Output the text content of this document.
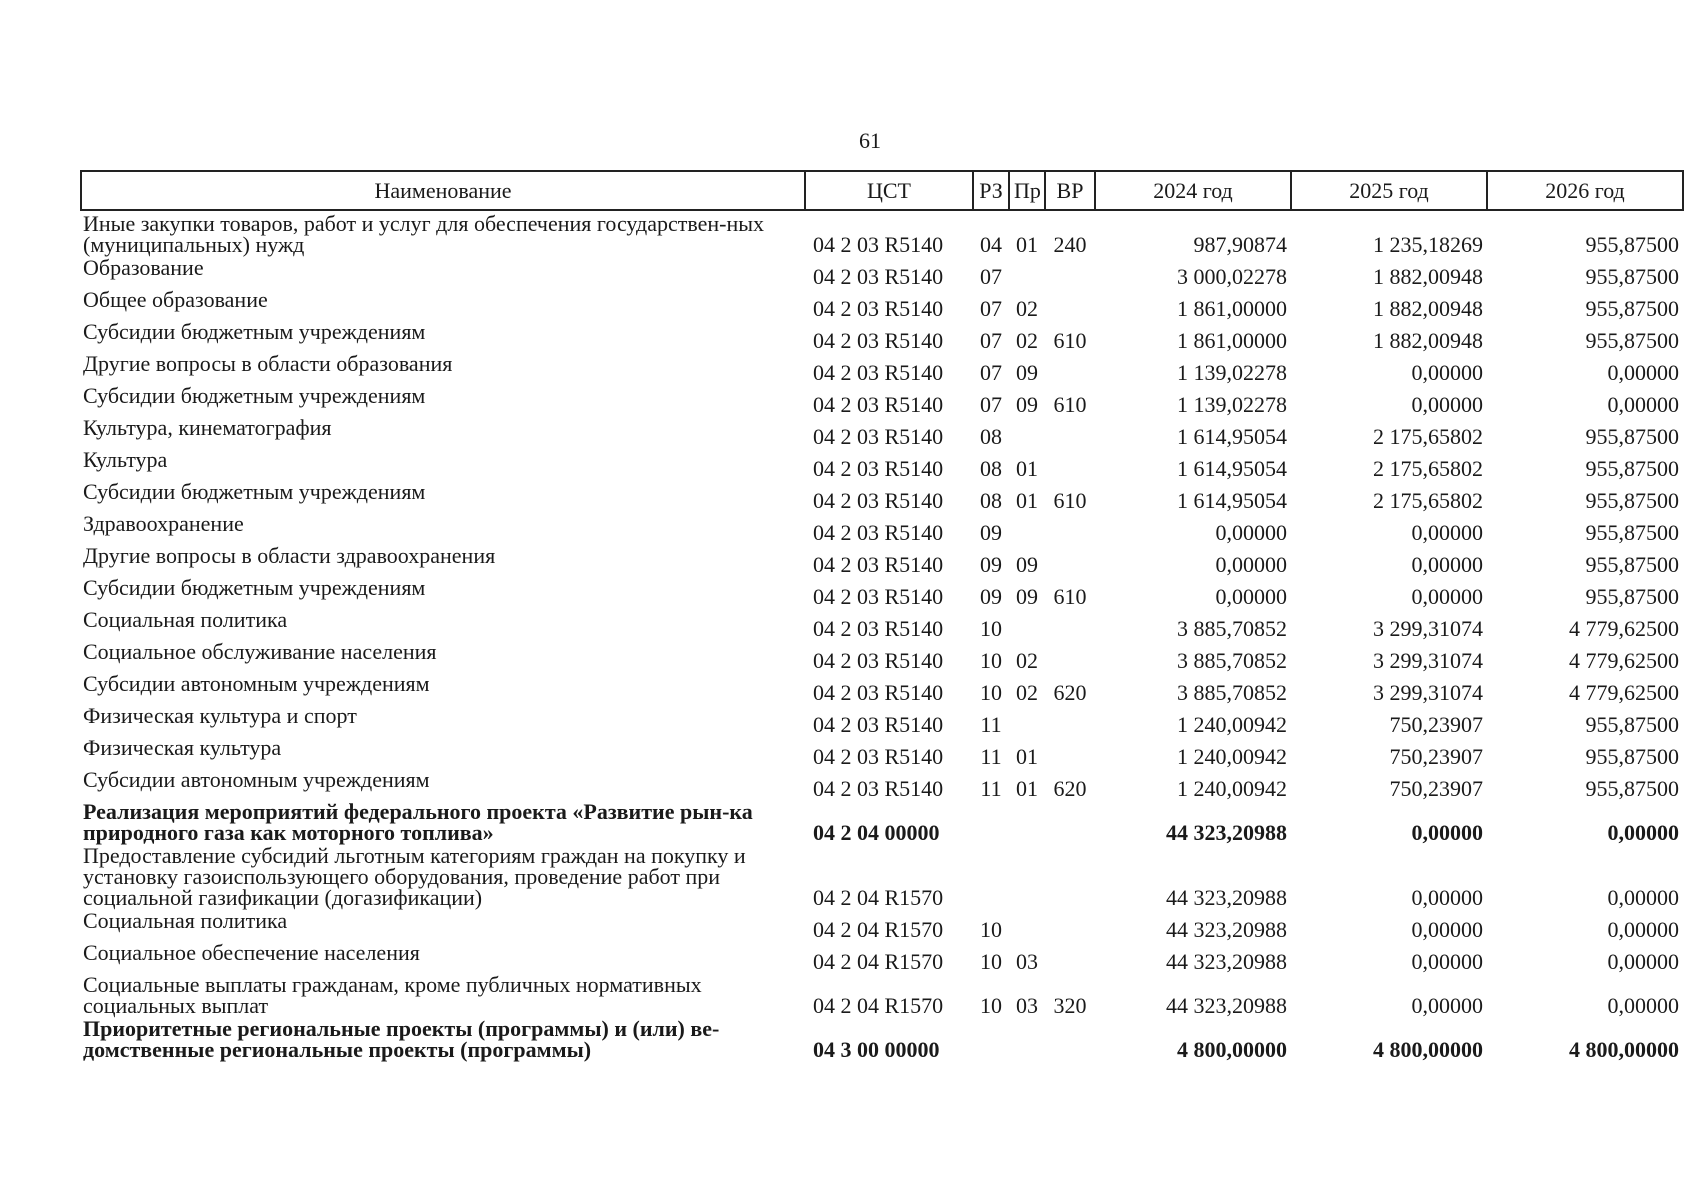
61
Наименование	ЦСТ	РЗ	Пр	ВР	2024 год	2025 год	2026 год
Иные закупки товаров, работ и услуг для обеспечения государствен-ных (муниципальных) нужд	04 2 03 R5140	04	01	240	987,90874	1 235,18269	955,87500
Образование	04 2 03 R5140	07			3 000,02278	1 882,00948	955,87500
Общее образование	04 2 03 R5140	07	02		1 861,00000	1 882,00948	955,87500
Субсидии бюджетным учреждениям	04 2 03 R5140	07	02	610	1 861,00000	1 882,00948	955,87500
Другие вопросы в области образования	04 2 03 R5140	07	09		1 139,02278	0,00000	0,00000
Субсидии бюджетным учреждениям	04 2 03 R5140	07	09	610	1 139,02278	0,00000	0,00000
Культура, кинематография	04 2 03 R5140	08			1 614,95054	2 175,65802	955,87500
Культура	04 2 03 R5140	08	01		1 614,95054	2 175,65802	955,87500
Субсидии бюджетным учреждениям	04 2 03 R5140	08	01	610	1 614,95054	2 175,65802	955,87500
Здравоохранение	04 2 03 R5140	09			0,00000	0,00000	955,87500
Другие вопросы в области здравоохранения	04 2 03 R5140	09	09		0,00000	0,00000	955,87500
Субсидии бюджетным учреждениям	04 2 03 R5140	09	09	610	0,00000	0,00000	955,87500
Социальная политика	04 2 03 R5140	10			3 885,70852	3 299,31074	4 779,62500
Социальное обслуживание населения	04 2 03 R5140	10	02		3 885,70852	3 299,31074	4 779,62500
Субсидии автономным учреждениям	04 2 03 R5140	10	02	620	3 885,70852	3 299,31074	4 779,62500
Физическая культура и спорт	04 2 03 R5140	11			1 240,00942	750,23907	955,87500
Физическая культура	04 2 03 R5140	11	01		1 240,00942	750,23907	955,87500
Субсидии автономным учреждениям	04 2 03 R5140	11	01	620	1 240,00942	750,23907	955,87500
Реализация мероприятий федерального проекта «Развитие рын-ка природного газа как моторного топлива»	04 2 04 00000				44 323,20988	0,00000	0,00000
Предоставление субсидий льготным категориям граждан на покупку и установку газоиспользующего оборудования, проведение работ при социальной газификации (догазификации)	04 2 04 R1570				44 323,20988	0,00000	0,00000
Социальная политика	04 2 04 R1570	10			44 323,20988	0,00000	0,00000
Социальное обеспечение населения	04 2 04 R1570	10	03		44 323,20988	0,00000	0,00000
Социальные выплаты гражданам, кроме публичных нормативных социальных выплат	04 2 04 R1570	10	03	320	44 323,20988	0,00000	0,00000
Приоритетные региональные проекты (программы) и (или) ве-домственные региональные проекты (программы)	04 3 00 00000				4 800,00000	4 800,00000	4 800,00000
